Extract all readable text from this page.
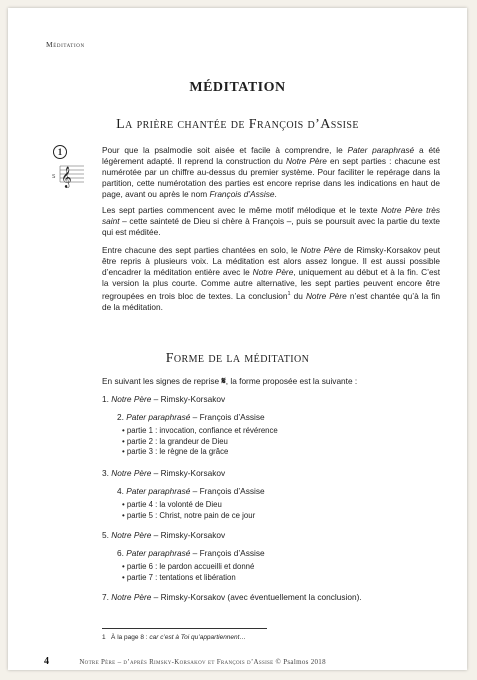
Méditation
MÉDITATION
La prière chantée de François d’Assise
1
S 𝄞

Pour que la psalmodie soit aisée et facile à comprendre, le Pater paraphrasé a été légèrement adapté. Il reprend la construction du Notre Père en sept parties : chacune est numérotée par un chiffre au-dessus du premier système. Pour faciliter le repérage dans la partition, cette numérotation des parties est encore reprise dans les indications en haut de page, avant ou après le nom François d’Assise.

Les sept parties commencent avec le même motif mélodique et le texte Notre Père très saint – cette sainteté de Dieu si chère à François –, puis se poursuit avec la partie du texte qui est méditée.

Entre chacune des sept parties chantées en solo, le Notre Père de Rimsky-Korsakov peut être repris à plusieurs voix. La méditation est alors assez longue. Il est aussi possible d’encadrer la méditation entière avec le Notre Père, uniquement au début et à la fin. C’est la version la plus courte. Comme autre alternative, les sept parties peuvent encore être regroupées en trois bloc de textes. La conclusion$^1$ du Notre Père n’est chantée qu’à la fin de la méditation.

Forme de la méditation
En suivant les signes de reprise 𝄋, la forme proposée est la suivante :
1. Notre Père – Rimsky-Korsakov
2. Pater paraphrasé – François d’Assise
• partie 1 : invocation, confiance et révérence
• partie 2 : la grandeur de Dieu
• partie 3 : le règne de la grâce
3. Notre Père – Rimsky-Korsakov
4. Pater paraphrasé – François d’Assise
• partie 4 : la volonté de Dieu
• partie 5 : Christ, notre pain de ce jour
5. Notre Père – Rimsky-Korsakov
6. Pater paraphrasé – François d’Assise
• partie 6 : le pardon accueilli et donné
• partie 7 : tentations et libération
7. Notre Père – Rimsky-Korsakov (avec éventuellement la conclusion).
1 À la page 8 : car c’est à Toi qu’appartiennent…
4	Notre Père – d’après Rimsky-Korsakov et François d’Assise © Psalmos 2018
